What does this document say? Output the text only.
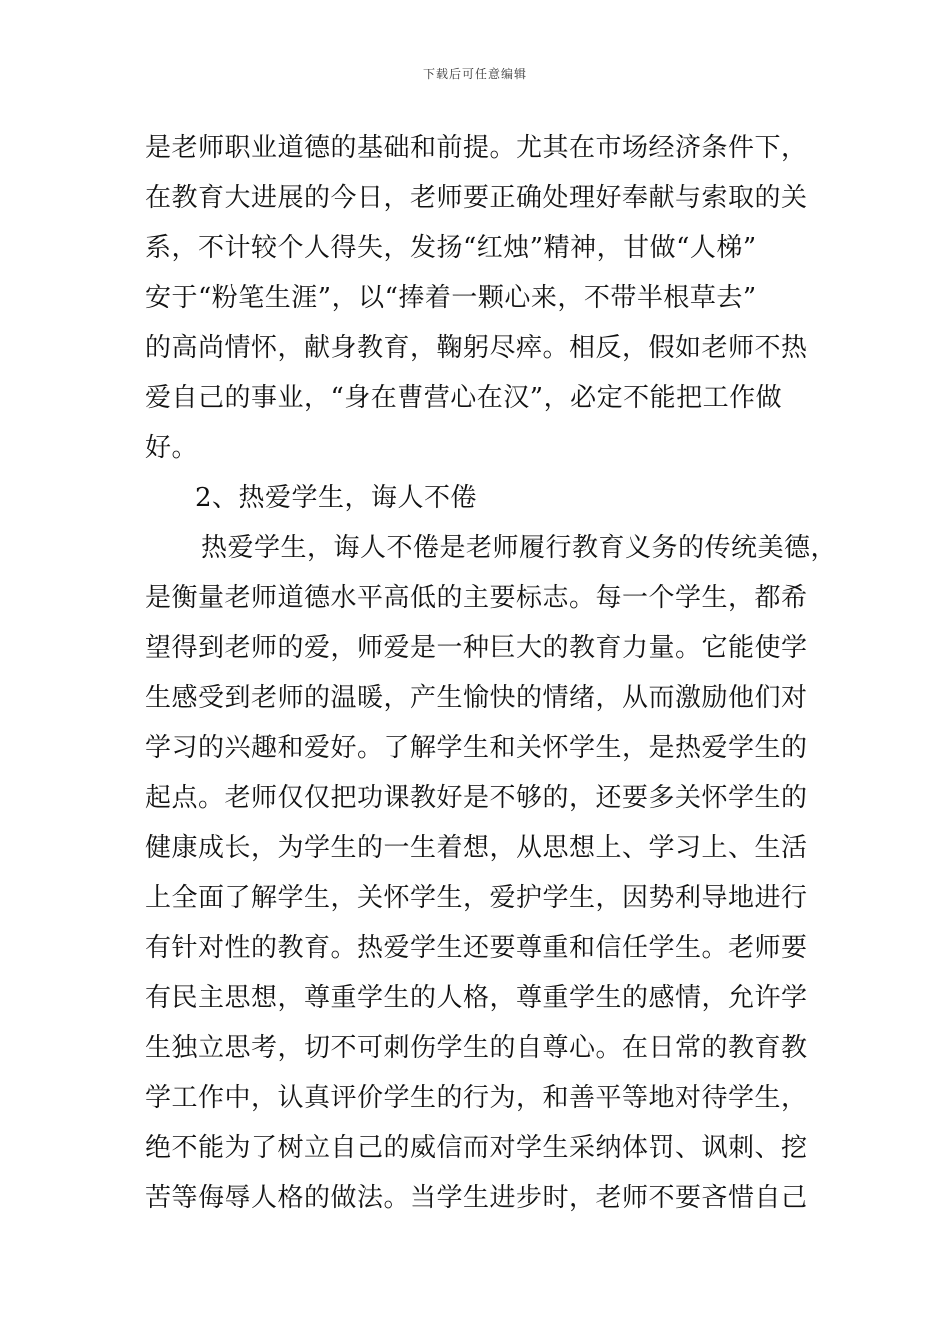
下载后可任意编辑
是老师职业道德的基础和前提。尤其在市场经济条件下，
在教育大进展的今日，老师要正确处理好奉献与索取的关
系，不计较个人得失，发扬“红烛”精神，甘做“人梯”
安于“粉笔生涯”，以“捧着一颗心来，不带半根草去”
的高尚情怀，献身教育，鞠躬尽瘁。相反，假如老师不热
爱自己的事业，“身在曹营心在汉”，必定不能把工作做
好。
2、热爱学生，诲人不倦
热爱学生，诲人不倦是老师履行教育义务的传统美德，
是衡量老师道德水平高低的主要标志。每一个学生，都希
望得到老师的爱，师爱是一种巨大的教育力量。它能使学
生感受到老师的温暖，产生愉快的情绪，从而激励他们对
学习的兴趣和爱好。了解学生和关怀学生，是热爱学生的
起点。老师仅仅把功课教好是不够的，还要多关怀学生的
健康成长，为学生的一生着想，从思想上、学习上、生活
上全面了解学生，关怀学生，爱护学生，因势利导地进行
有针对性的教育。热爱学生还要尊重和信任学生。老师要
有民主思想，尊重学生的人格，尊重学生的感情，允许学
生独立思考，切不可刺伤学生的自尊心。在日常的教育教
学工作中，认真评价学生的行为，和善平等地对待学生，
绝不能为了树立自己的威信而对学生采纳体罚、讽刺、挖
苦等侮辱人格的做法。当学生进步时，老师不要吝惜自己
